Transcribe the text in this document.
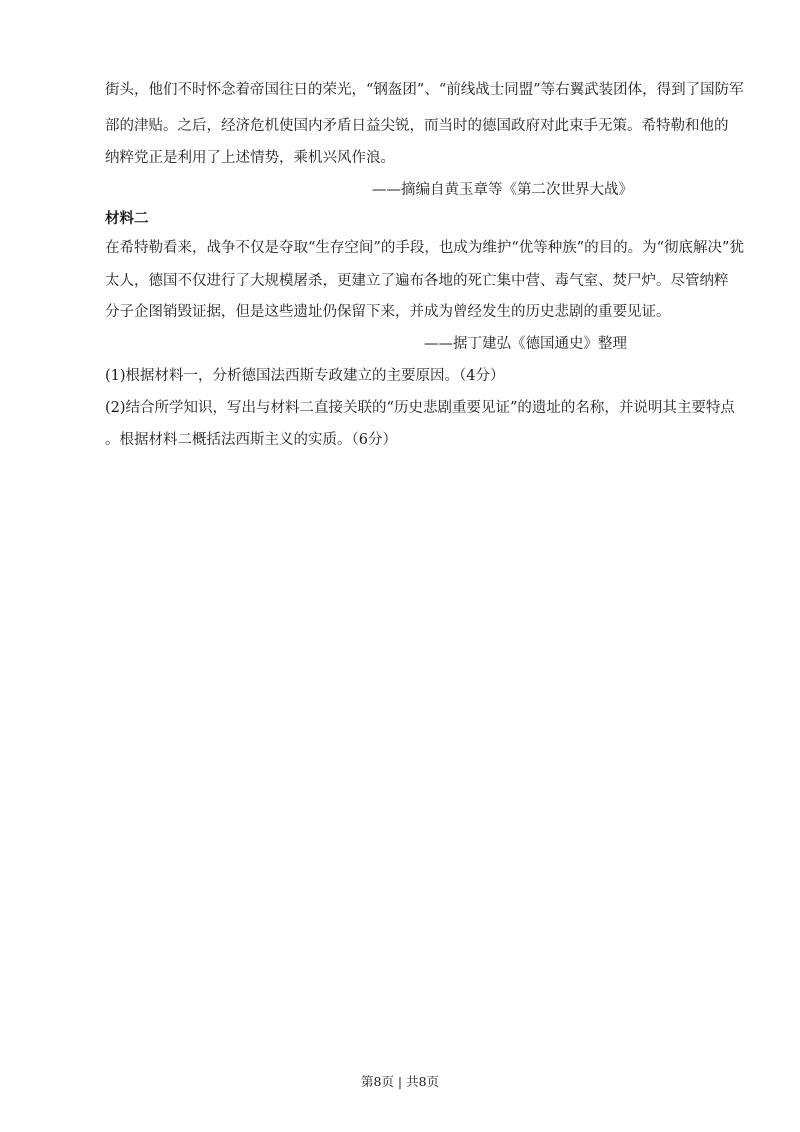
街头，他们不时怀念着帝国往日的荣光，“钢盔团”、“前线战士同盟”等右翼武装团体，得到了国防军
部的津贴。之后，经济危机使国内矛盾日益尖锐，而当时的德国政府对此束手无策。希特勒和他的
纳粹党正是利用了上述情势，乘机兴风作浪。
——摘编自黄玉章等《第二次世界大战》
材料二
在希特勒看来，战争不仅是夺取“生存空间”的手段，也成为维护“优等种族”的目的。为“彻底解决”犹
太人，德国不仅进行了大规模屠杀，更建立了遍布各地的死亡集中营、毒气室、焚尸炉。尽管纳粹
分子企图销毁证据，但是这些遗址仍保留下来，并成为曾经发生的历史悲剧的重要见证。
——据丁建弘《德国通史》整理
(1)根据材料一，分析德国法西斯专政建立的主要原因。（4分）
(2)结合所学知识，写出与材料二直接关联的“历史悲剧重要见证”的遗址的名称，并说明其主要特点
。根据材料二概括法西斯主义的实质。（6分）
第8页 | 共8页
